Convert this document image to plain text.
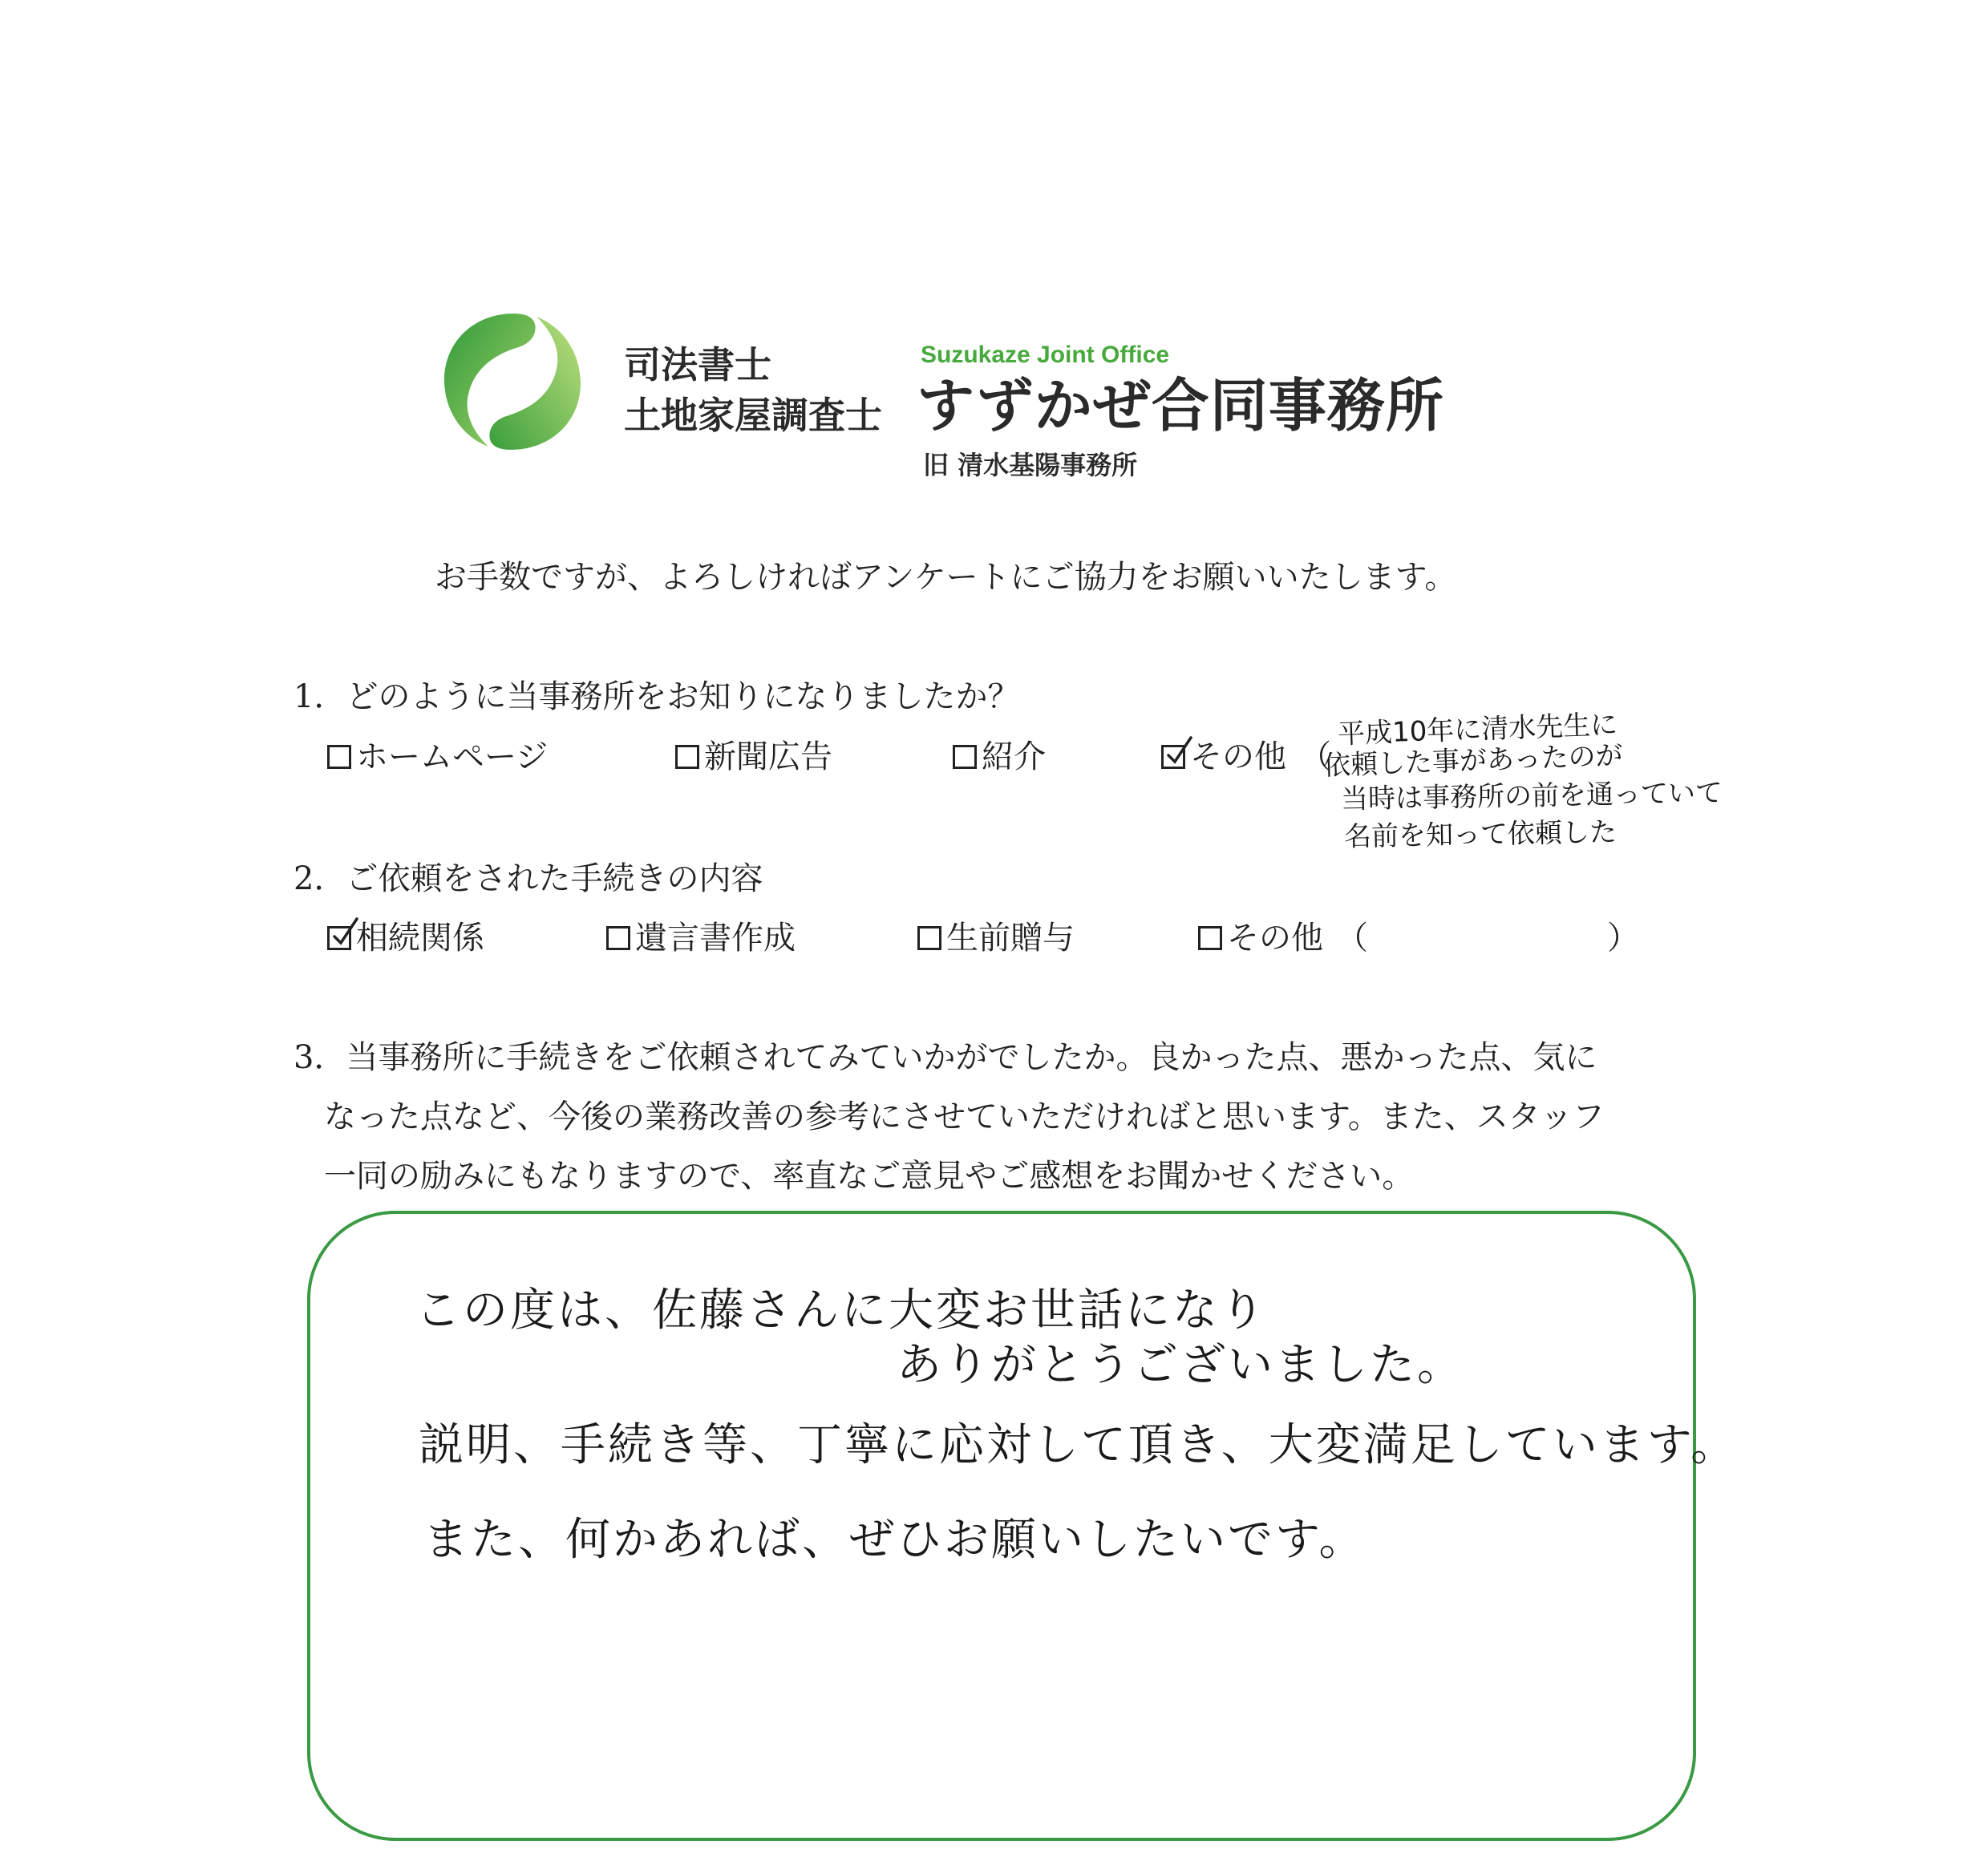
司法書士
土地家屋調査士
Suzukaze Joint Office
すずかぜ合同事務所
旧 清水基陽事務所
お手数ですが、よろしければアンケートにご協力をお願いいたします。
1．どのように当事務所をお知りになりましたか？
ホームページ	新聞広告	紹介	その他 （
平成10年に清水先生に
依頼した事があったのが
当時は事務所の前を通っていて
名前を知って依頼した
2．ご依頼をされた手続きの内容
相続関係	遺言書作成	生前贈与	その他 （	）
3．当事務所に手続きをご依頼されてみていかがでしたか。良かった点、悪かった点、気に
なった点など、今後の業務改善の参考にさせていただければと思います。また、スタッフ
一同の励みにもなりますので、率直なご意見やご感想をお聞かせください。
この度は、佐藤さんに大変お世話になり
ありがとうございました。
説明、手続き等、丁寧に応対して頂き、大変満足しています。
また、何かあれば、ぜひお願いしたいです。
